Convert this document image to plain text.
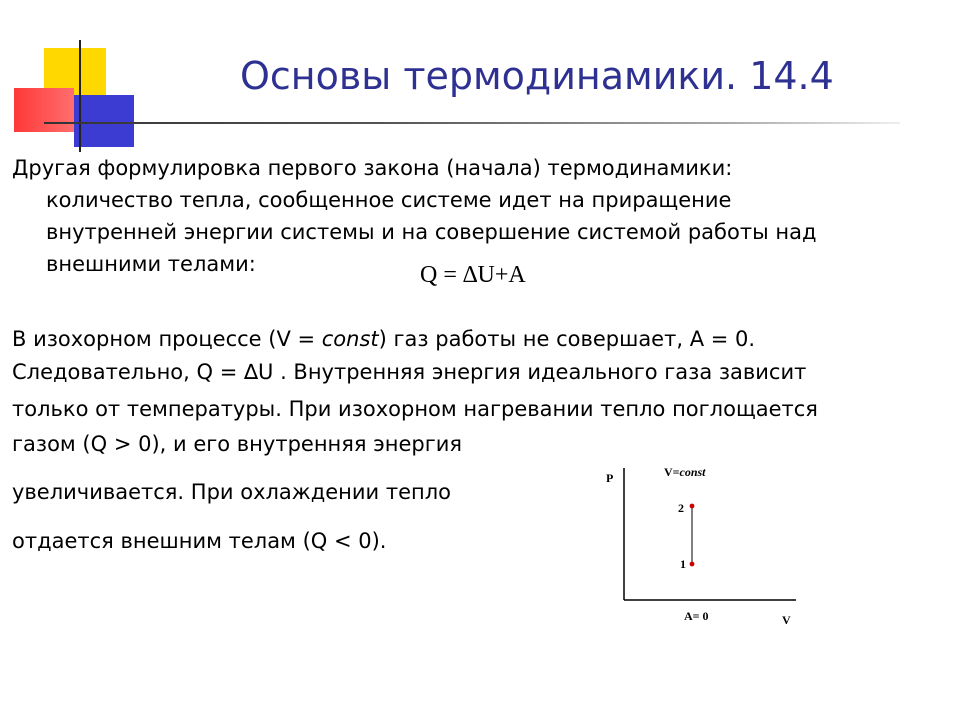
Основы термодинамики. 14.4
Другая формулировка первого закона (начала) термодинамики:
количество тепла, сообщенное системе идет на приращение
внутренней энергии системы и на совершение системой работы над
внешними телами:	Q = ∆U+A
В изохорном процессе (V = const) газ работы не совершает, A = 0.
Следовательно, Q = ∆U . Внутренняя энергия идеального газа зависит
только от температуры. При изохорном нагревании тепло поглощается
газом (Q > 0), и его внутренняя энергия
увеличивается. При охлаждении тепло
отдается внешним телам (Q < 0).
P
V
V=const
2
1
A= 0
